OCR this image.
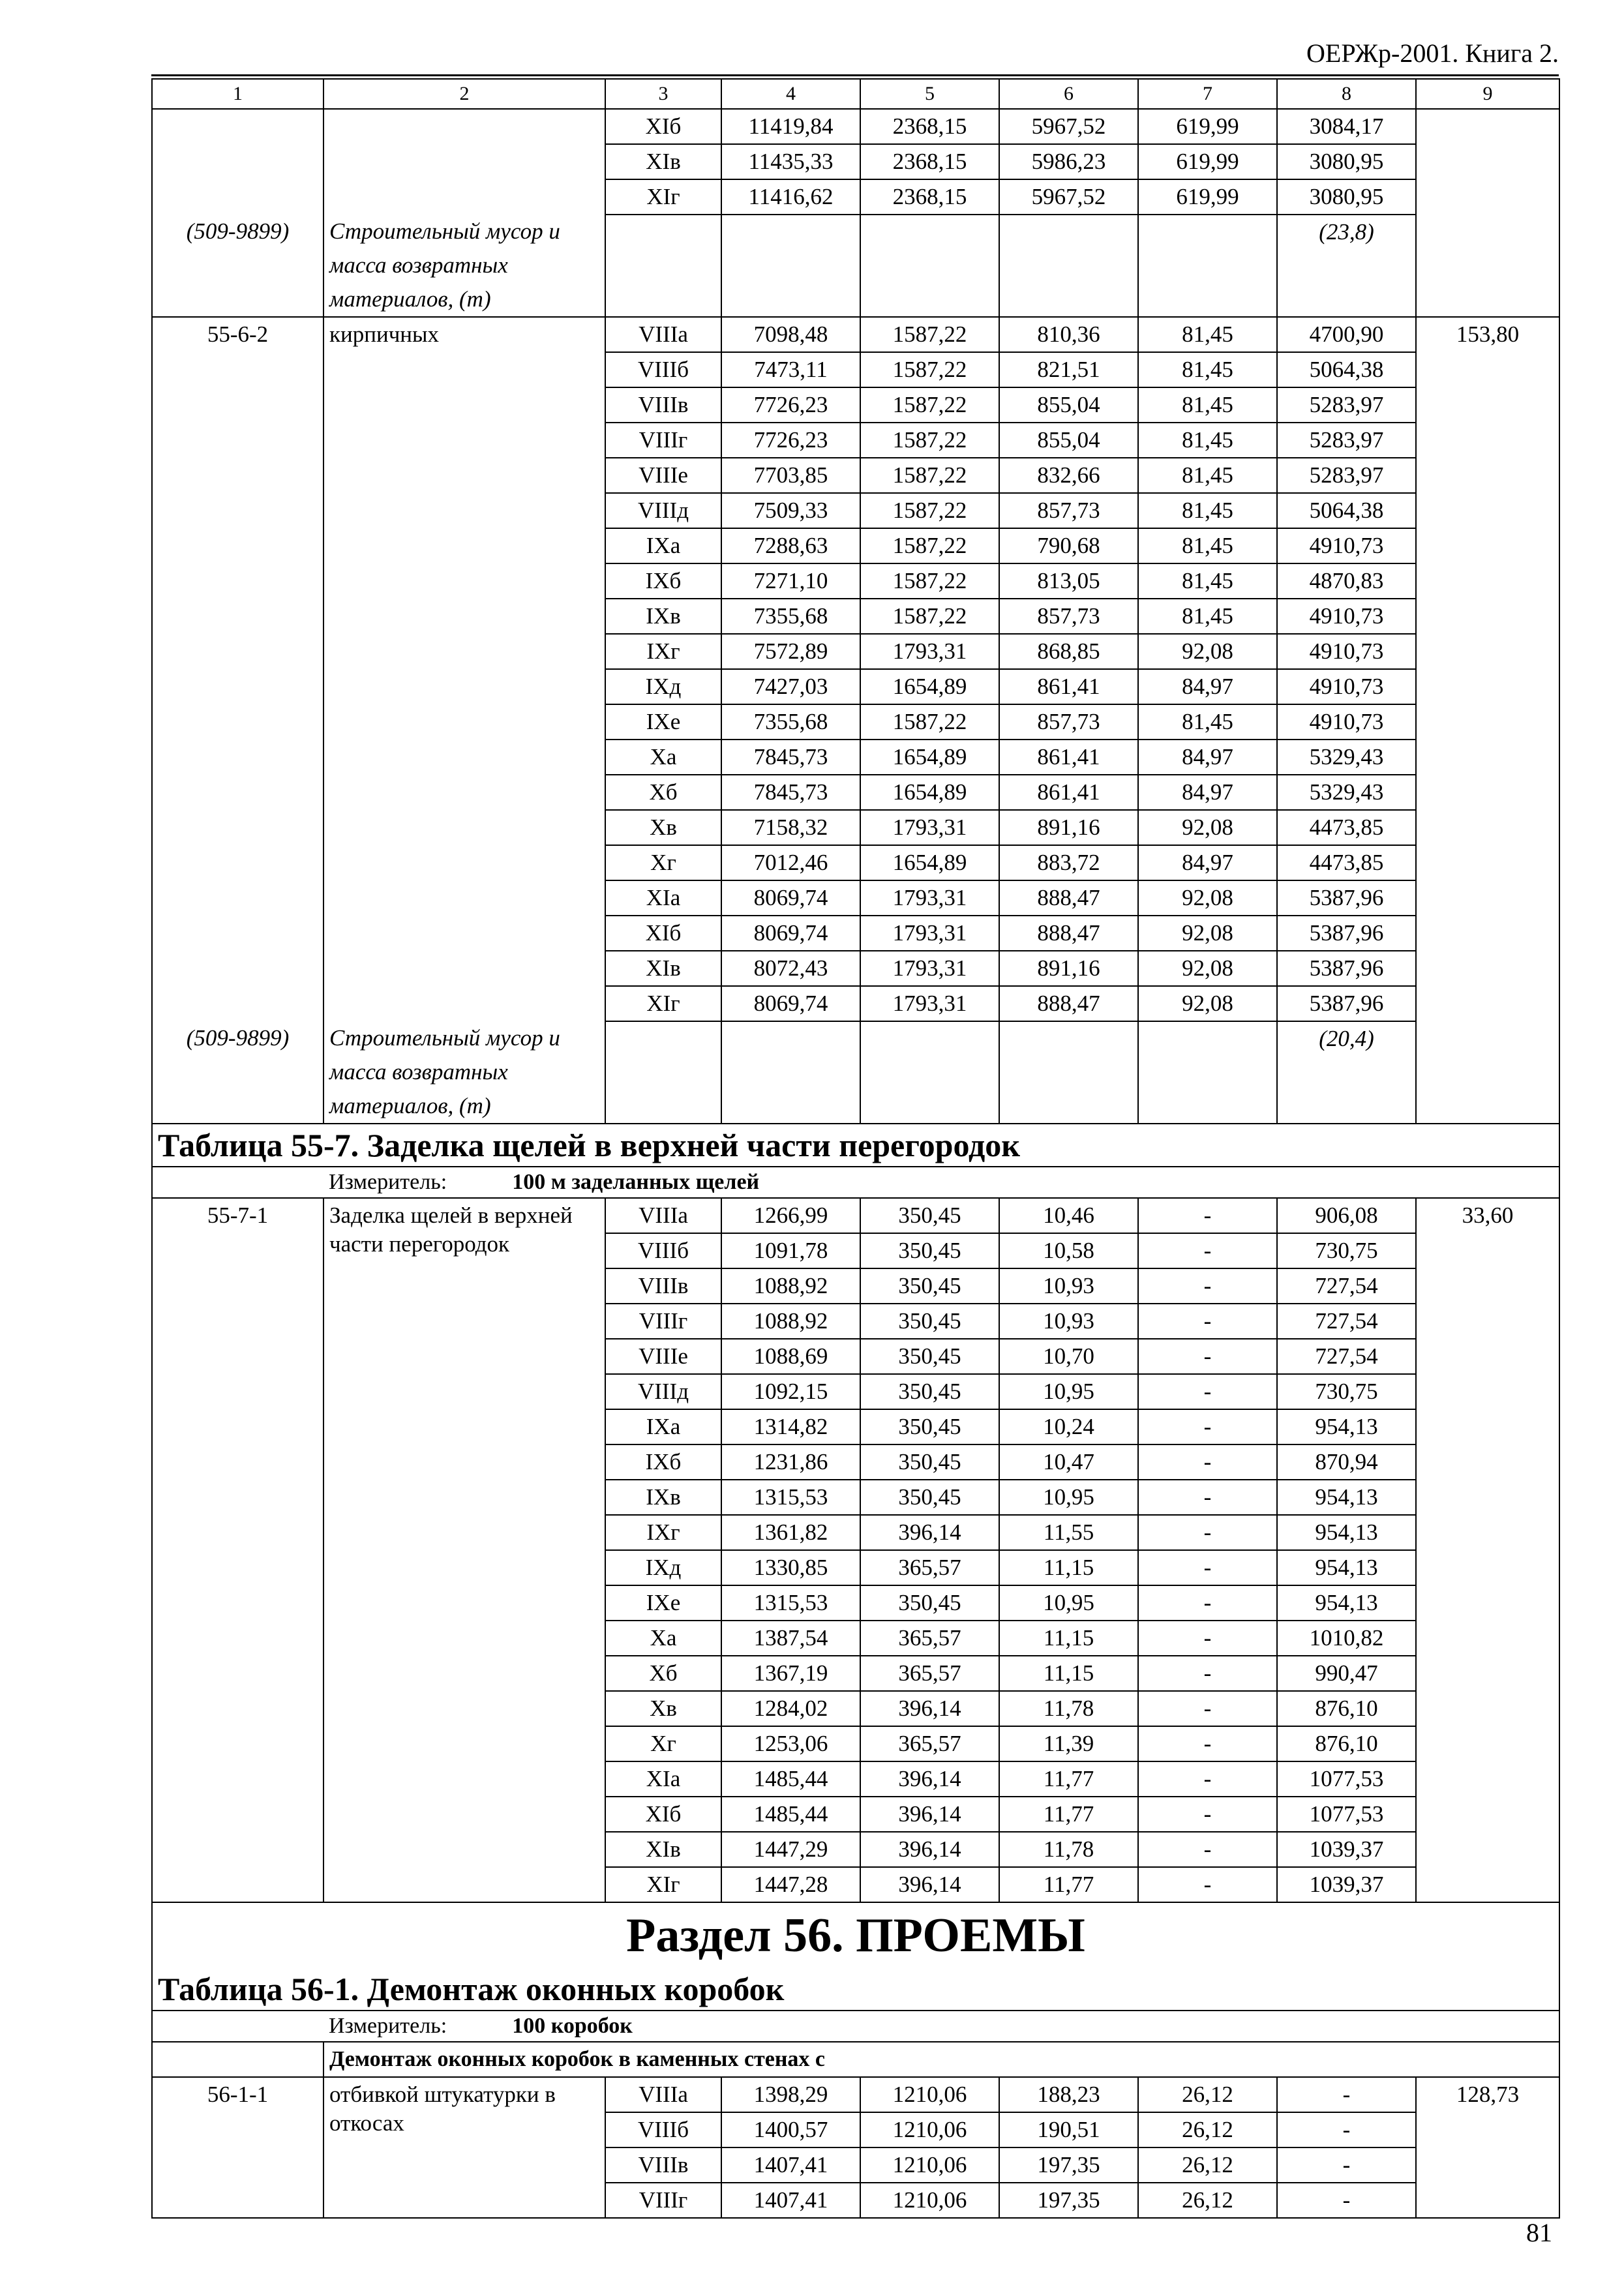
ОЕРЖр-2001. Книга 2.
1	2	3	4	5	6	7	8	9
		XIб	11419,84	2368,15	5967,52	619,99	3084,17	
		XIв	11435,33	2368,15	5986,23	619,99	3080,95	
		XIг	11416,62	2368,15	5967,52	619,99	3080,95	
(509-9899)	Строительный мусор и масса возвратных материалов, (т)						(23,8)	
55-6-2	кирпичных	VIIIа	7098,48	1587,22	810,36	81,45	4700,90	153,80
		VIIIб	7473,11	1587,22	821,51	81,45	5064,38	
		VIIIв	7726,23	1587,22	855,04	81,45	5283,97	
		VIIIг	7726,23	1587,22	855,04	81,45	5283,97	
		VIIIе	7703,85	1587,22	832,66	81,45	5283,97	
		VIIIд	7509,33	1587,22	857,73	81,45	5064,38	
		IXа	7288,63	1587,22	790,68	81,45	4910,73	
		IXб	7271,10	1587,22	813,05	81,45	4870,83	
		IXв	7355,68	1587,22	857,73	81,45	4910,73	
		IXг	7572,89	1793,31	868,85	92,08	4910,73	
		IXд	7427,03	1654,89	861,41	84,97	4910,73	
		IXе	7355,68	1587,22	857,73	81,45	4910,73	
		Xа	7845,73	1654,89	861,41	84,97	5329,43	
		Xб	7845,73	1654,89	861,41	84,97	5329,43	
		Xв	7158,32	1793,31	891,16	92,08	4473,85	
		Xг	7012,46	1654,89	883,72	84,97	4473,85	
		XIа	8069,74	1793,31	888,47	92,08	5387,96	
		XIб	8069,74	1793,31	888,47	92,08	5387,96	
		XIв	8072,43	1793,31	891,16	92,08	5387,96	
		XIг	8069,74	1793,31	888,47	92,08	5387,96	
(509-9899)	Строительный мусор и масса возвратных материалов, (т)						(20,4)	
Таблица 55-7. Заделка щелей в верхней части перегородок								
Измеритель: 100 м заделанных щелей								
55-7-1	Заделка щелей в верхней части перегородок	VIIIа	1266,99	350,45	10,46	-	906,08	33,60
		VIIIб	1091,78	350,45	10,58	-	730,75	
		VIIIв	1088,92	350,45	10,93	-	727,54	
		VIIIг	1088,92	350,45	10,93	-	727,54	
		VIIIе	1088,69	350,45	10,70	-	727,54	
		VIIIд	1092,15	350,45	10,95	-	730,75	
		IXа	1314,82	350,45	10,24	-	954,13	
		IXб	1231,86	350,45	10,47	-	870,94	
		IXв	1315,53	350,45	10,95	-	954,13	
		IXг	1361,82	396,14	11,55	-	954,13	
		IXд	1330,85	365,57	11,15	-	954,13	
		IXе	1315,53	350,45	10,95	-	954,13	
		Xа	1387,54	365,57	11,15	-	1010,82	
		Xб	1367,19	365,57	11,15	-	990,47	
		Xв	1284,02	396,14	11,78	-	876,10	
		Xг	1253,06	365,57	11,39	-	876,10	
		XIа	1485,44	396,14	11,77	-	1077,53	
		XIб	1485,44	396,14	11,77	-	1077,53	
		XIв	1447,29	396,14	11,78	-	1039,37	
		XIг	1447,28	396,14	11,77	-	1039,37	
Раздел 56. ПРОЕМЫ								
Таблица 56-1. Демонтаж оконных коробок								
Измеритель: 100 коробок								
	Демонтаж оконных коробок в каменных стенах с							
56-1-1	отбивкой штукатурки в откосах	VIIIа	1398,29	1210,06	188,23	26,12	-	128,73
		VIIIб	1400,57	1210,06	190,51	26,12	-	
		VIIIв	1407,41	1210,06	197,35	26,12	-	
		VIIIг	1407,41	1210,06	197,35	26,12	-	
81
